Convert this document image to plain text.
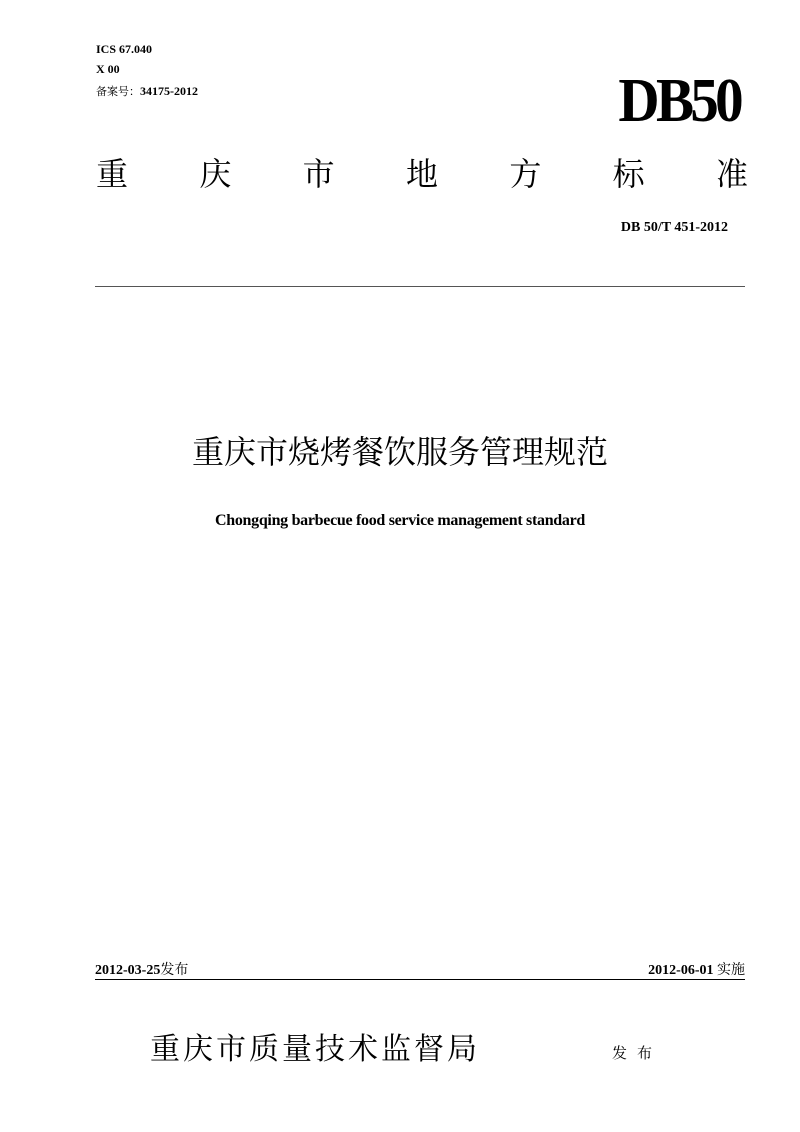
ICS 67.040
X 00
备案号：34175-2012	DB50
重 庆 市 地 方 标 准
DB 50/T 451-2012
重庆市烧烤餐饮服务管理规范
Chongqing barbecue food service management standard
2012-03-25发布	2012-06-01 实施
重庆市质量技术监督局	发布
